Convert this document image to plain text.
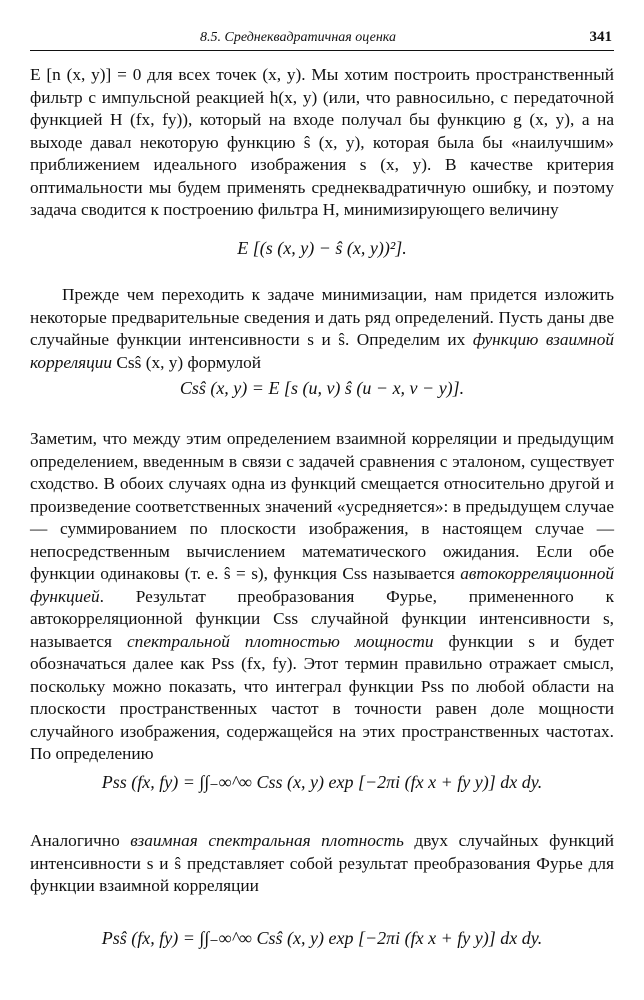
8.5. Среднеквадратичная оценка	341

E [n (x, y)] = 0 для всех точек (x, y). Мы хотим построить пространственный фильтр с импульсной реакцией h(x, y) (или, что равносильно, с передаточной функцией H (fx, fy)), который на входе получал бы функцию g (x, y), а на выходе давал некоторую функцию ŝ (x, y), которая была бы «наилучшим» приближением идеального изображения s (x, y). В качестве критерия оптимальности мы будем применять среднеквадратичную ошибку, и поэтому задача сводится к построению фильтра H, минимизирующего величину

E [(s (x, y) − ŝ (x, y))²].

Прежде чем переходить к задаче минимизации, нам придется изложить некоторые предварительные сведения и дать ряд определений. Пусть даны две случайные функции интенсивности s и ŝ. Определим их функцию взаимной корреляции Csŝ (x, y) формулой

Csŝ (x, y) = E [s (u, v) ŝ (u − x, v − y)].

Заметим, что между этим определением взаимной корреляции и предыдущим определением, введенным в связи с задачей сравнения с эталоном, существует сходство. В обоих случаях одна из функций смещается относительно другой и произведение соответственных значений «усредняется»: в предыдущем случае — суммированием по плоскости изображения, в настоящем случае — непосредственным вычислением математического ожидания. Если обе функции одинаковы (т. е. ŝ = s), функция Css называется автокорреляционной функцией. Результат преобразования Фурье, примененного к автокорреляционной функции Css случайной функции интенсивности s, называется спектральной плотностью мощности функции s и будет обозначаться далее как Pss (fx, fy). Этот термин правильно отражает смысл, поскольку можно показать, что интеграл функции Pss по любой области на плоскости пространственных частот в точности равен доле мощности случайного изображения, содержащейся на этих пространственных частотах. По определению

Pss (fx, fy) = ∫∫₋∞^∞ Css (x, y) exp [−2πi (fx x + fy y)] dx dy.

Аналогично взаимная спектральная плотность двух случайных функций интенсивности s и ŝ представляет собой результат преобразования Фурье для функции взаимной корреляции

Psŝ (fx, fy) = ∫∫₋∞^∞ Csŝ (x, y) exp [−2πi (fx x + fy y)] dx dy.
